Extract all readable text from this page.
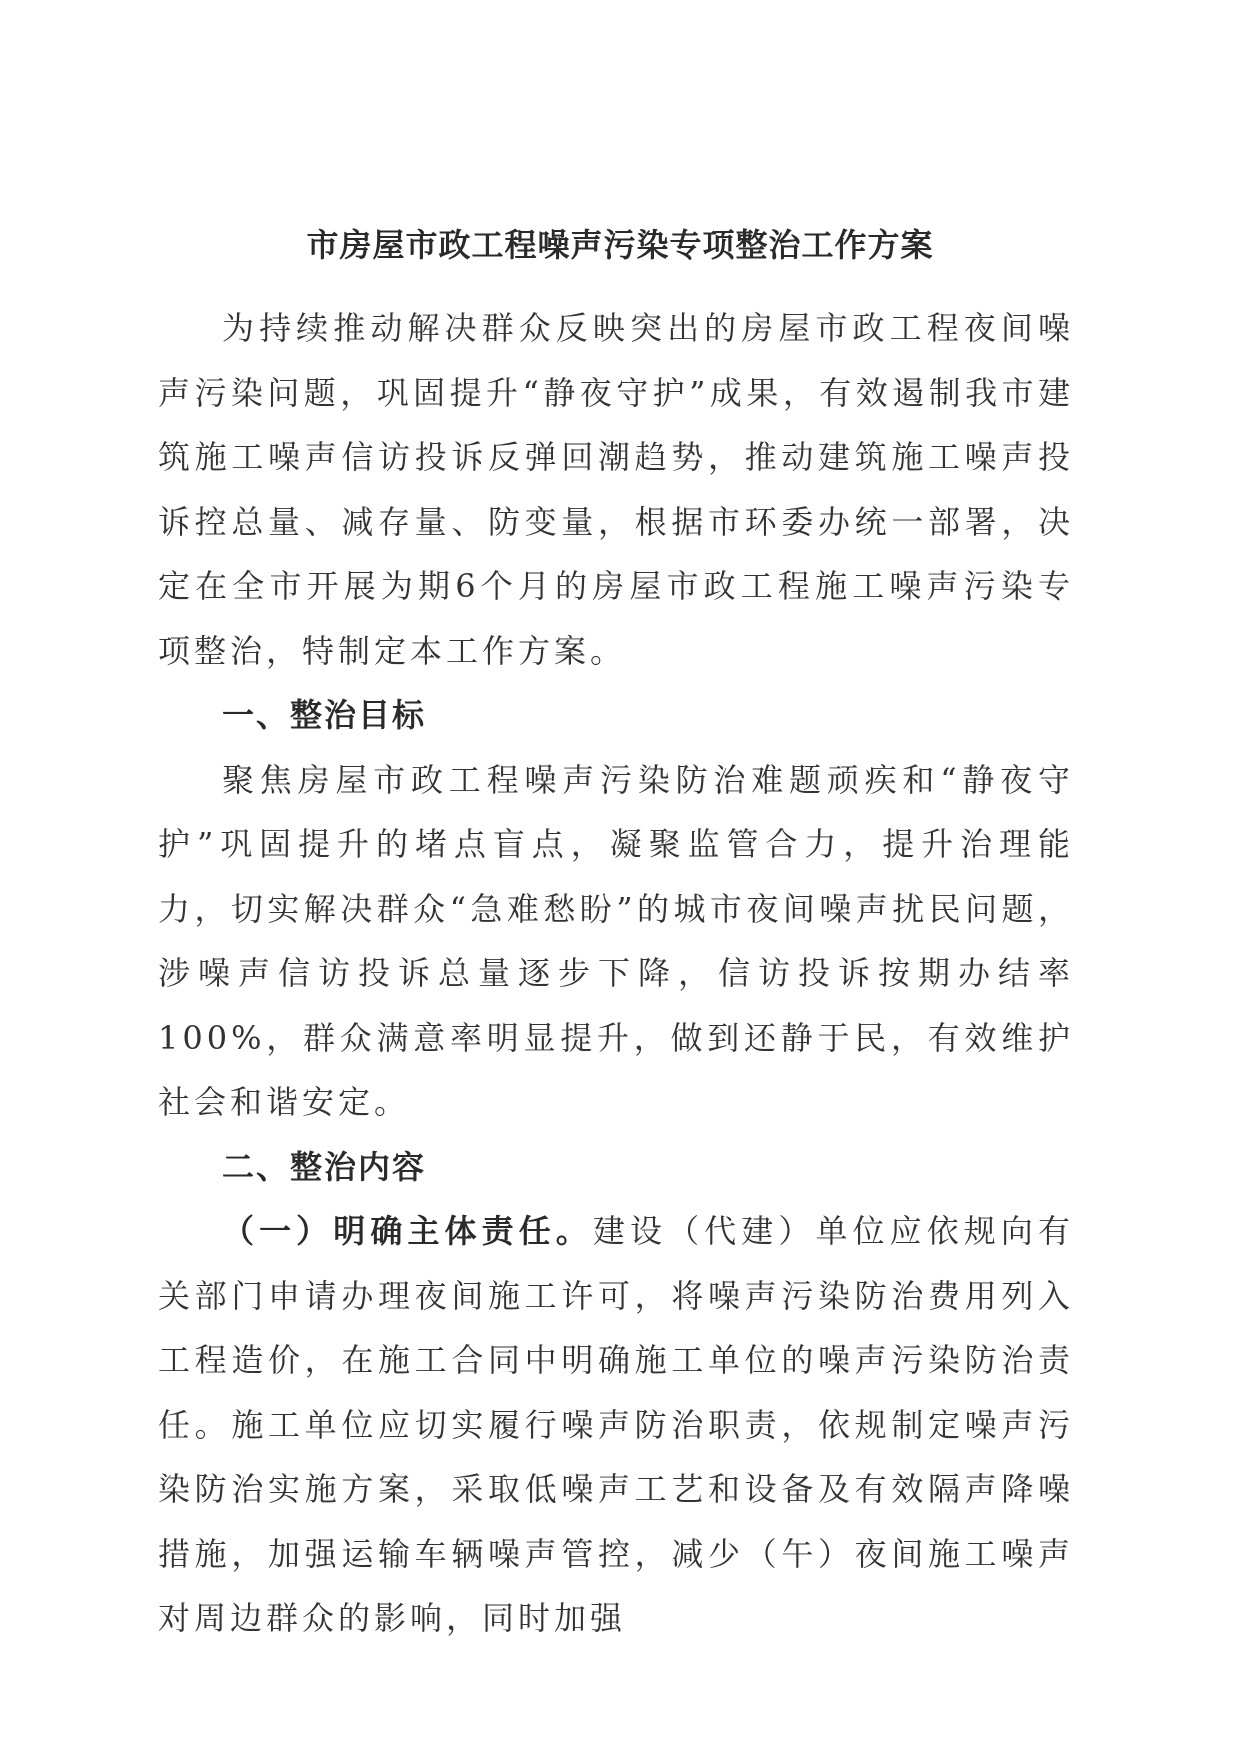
市房屋市政工程噪声污染专项整治工作方案

为持续推动解决群众反映突出的房屋市政工程夜间噪声污染问题，巩固提升“静夜守护”成果，有效遏制我市建筑施工噪声信访投诉反弹回潮趋势，推动建筑施工噪声投诉控总量、减存量、防变量，根据市环委办统一部署，决定在全市开展为期6个月的房屋市政工程施工噪声污染专项整治，特制定本工作方案。

一、整治目标

聚焦房屋市政工程噪声污染防治难题顽疾和“静夜守护”巩固提升的堵点盲点，凝聚监管合力，提升治理能力，切实解决群众“急难愁盼”的城市夜间噪声扰民问题，涉噪声信访投诉总量逐步下降，信访投诉按期办结率100%，群众满意率明显提升，做到还静于民，有效维护社会和谐安定。

二、整治内容

（一）明确主体责任。建设（代建）单位应依规向有关部门申请办理夜间施工许可，将噪声污染防治费用列入工程造价，在施工合同中明确施工单位的噪声污染防治责任。施工单位应切实履行噪声防治职责，依规制定噪声污染防治实施方案，采取低噪声工艺和设备及有效隔声降噪措施，加强运输车辆噪声管控，减少（午）夜间施工噪声对周边群众的影响，同时加强
